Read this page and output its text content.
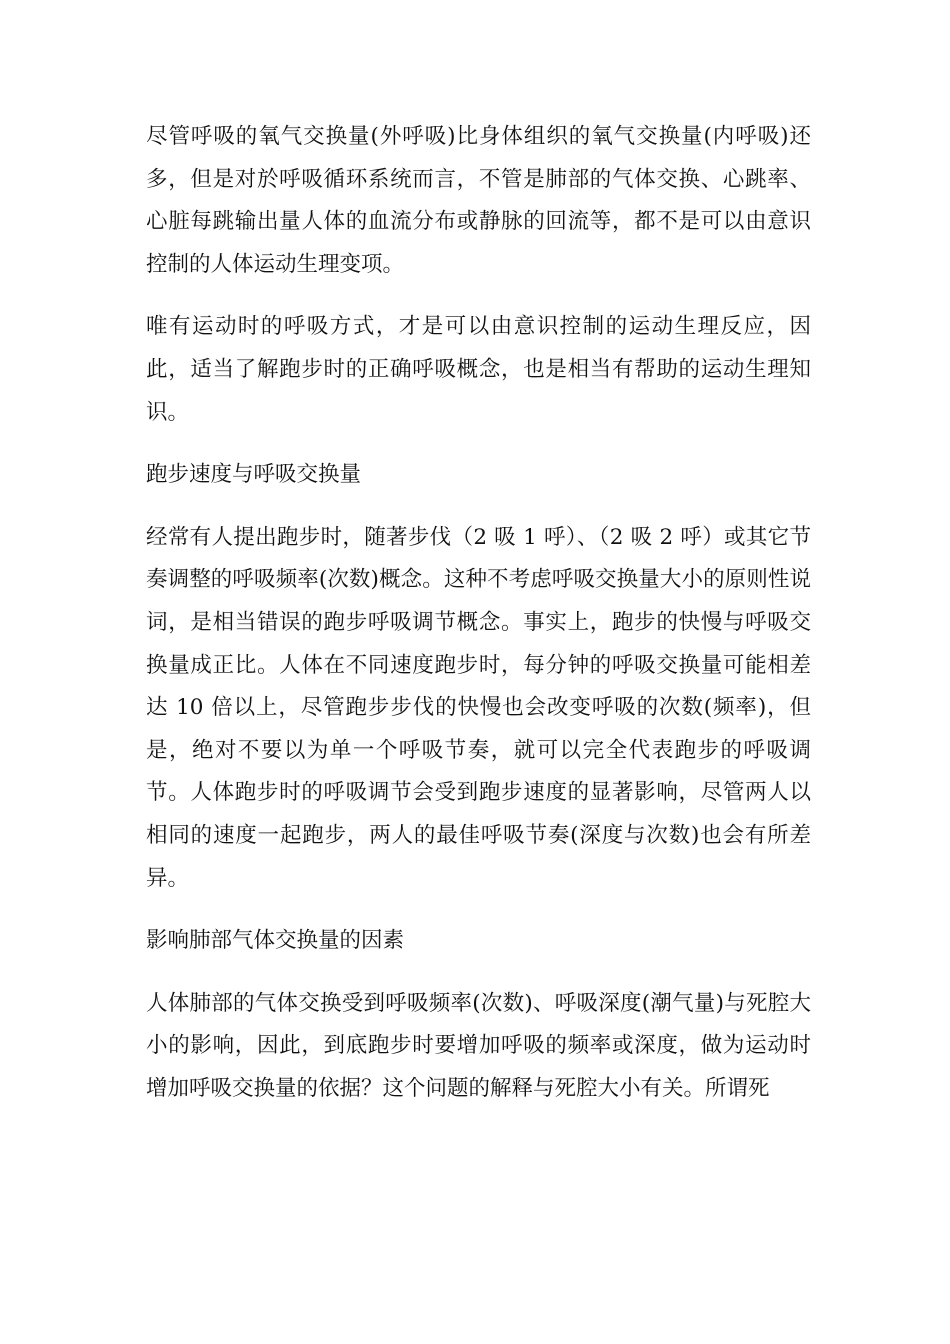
尽管呼吸的氧气交换量(外呼吸)比身体组织的氧气交换量(内呼吸)还多，但是对於呼吸循环系统而言，不管是肺部的气体交换、心跳率、心脏每跳输出量人体的血流分布或静脉的回流等，都不是可以由意识控制的人体运动生理变项。

唯有运动时的呼吸方式，才是可以由意识控制的运动生理反应，因此，适当了解跑步时的正确呼吸概念，也是相当有帮助的运动生理知识。

跑步速度与呼吸交换量

经常有人提出跑步时，随著步伐（2 吸 1 呼）、（2 吸 2 呼）或其它节奏调整的呼吸频率(次数)概念。这种不考虑呼吸交换量大小的原则性说词，是相当错误的跑步呼吸调节概念。事实上，跑步的快慢与呼吸交换量成正比。人体在不同速度跑步时，每分钟的呼吸交换量可能相差达 10 倍以上，尽管跑步步伐的快慢也会改变呼吸的次数(频率)，但是，绝对不要以为单一个呼吸节奏，就可以完全代表跑步的呼吸调节。人体跑步时的呼吸调节会受到跑步速度的显著影响，尽管两人以相同的速度一起跑步，两人的最佳呼吸节奏(深度与次数)也会有所差异。

影响肺部气体交换量的因素

人体肺部的气体交换受到呼吸频率(次数)、呼吸深度(潮气量)与死腔大小的影响，因此，到底跑步时要增加呼吸的频率或深度，做为运动时增加呼吸交换量的依据？这个问题的解释与死腔大小有关。所谓死
